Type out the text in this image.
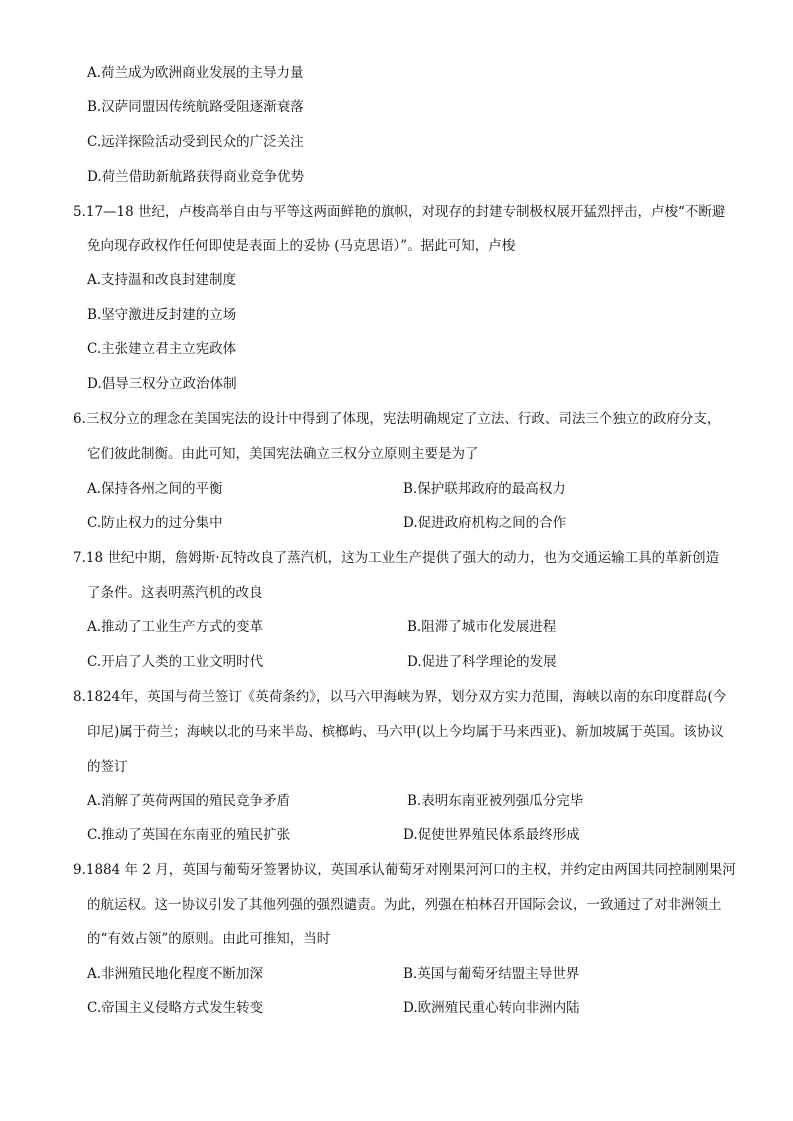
A.荷兰成为欧洲商业发展的主导力量
B.汉萨同盟因传统航路受阻逐渐衰落
C.远洋探险活动受到民众的广泛关注
D.荷兰借助新航路获得商业竞争优势
5.17—18 世纪，卢梭高举自由与平等这两面鲜艳的旗帜，对现存的封建专制极权展开猛烈抨击，卢梭“不断避
免向现存政权作任何即使是表面上的妥协 (马克思语）”。据此可知，卢梭
A.支持温和改良封建制度
B.坚守激进反封建的立场
C.主张建立君主立宪政体
D.倡导三权分立政治体制
6.三权分立的理念在美国宪法的设计中得到了体现，宪法明确规定了立法、行政、司法三个独立的政府分支，
它们彼此制衡。由此可知，美国宪法确立三权分立原则主要是为了
A.保持各州之间的平衡	B.保护联邦政府的最高权力
C.防止权力的过分集中	D.促进政府机构之间的合作
7.18 世纪中期，詹姆斯·瓦特改良了蒸汽机，这为工业生产提供了强大的动力，也为交通运输工具的革新创造
了条件。这表明蒸汽机的改良
A.推动了工业生产方式的变革	B.阻滞了城市化发展进程
C.开启了人类的工业文明时代	D.促进了科学理论的发展
8.1824年，英国与荷兰签订《英荷条约》，以马六甲海峡为界，划分双方实力范围，海峡以南的东印度群岛(今
印尼)属于荷兰；海峡以北的马来半岛、槟榔屿、马六甲(以上今均属于马来西亚)、新加坡属于英国。该协议
的签订
A.消解了英荷两国的殖民竞争矛盾	B.表明东南亚被列强瓜分完毕
C.推动了英国在东南亚的殖民扩张	D.促使世界殖民体系最终形成
9.1884 年 2 月，英国与葡萄牙签署协议，英国承认葡萄牙对刚果河河口的主权，并约定由两国共同控制刚果河
的航运权。这一协议引发了其他列强的强烈谴责。为此，列强在柏林召开国际会议，一致通过了对非洲领土
的“有效占领”的原则。由此可推知，当时
A.非洲殖民地化程度不断加深	B.英国与葡萄牙结盟主导世界
C.帝国主义侵略方式发生转变	D.欧洲殖民重心转向非洲内陆
